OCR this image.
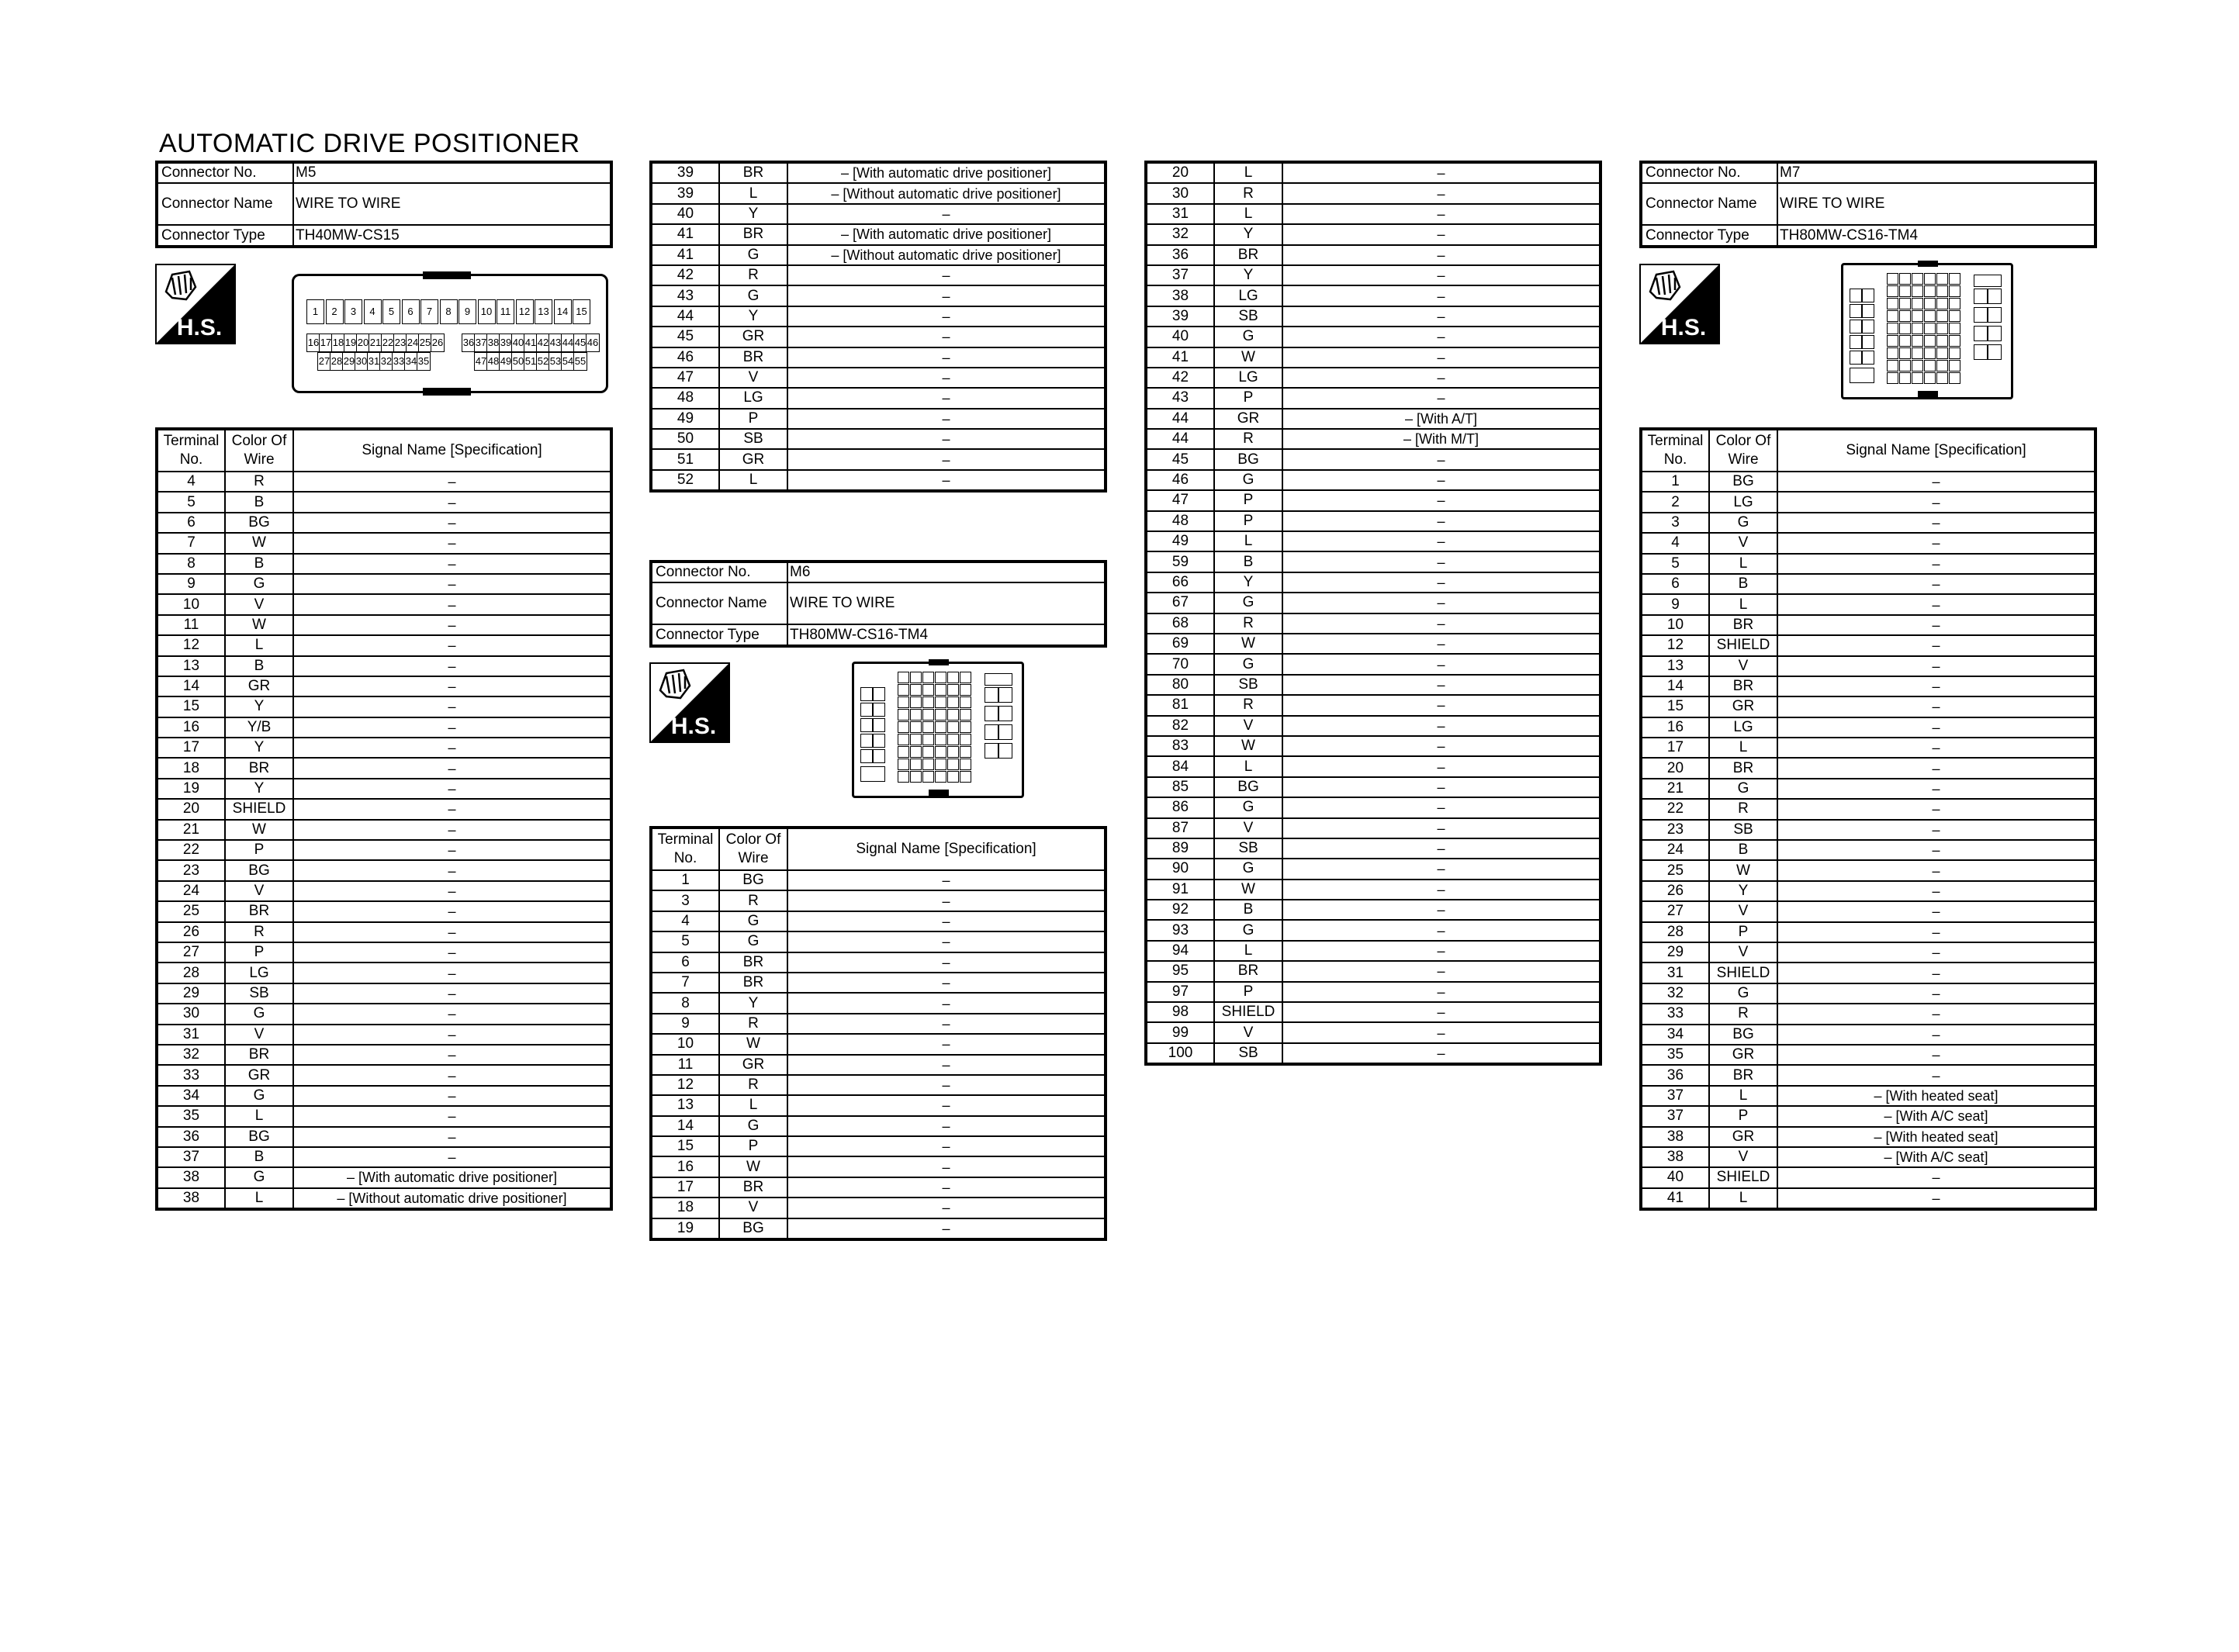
AUTOMATIC DRIVE POSITIONER
Connector No.	M5
Connector Name	WIRE TO WIRE
Connector Type	TH40MW-CS15
H.S.
1	2	3	4	5	6	7	8	9	10 11 12 13 14 15
16 17 18 19 20 21 22 23 24 25 26 36 37 38 39 40 41 42 43 44 45 46
27 28 29 30 31 32 33 34 35	47 48 49 50 51 52 53 54 55
Terminal
No.	Color Of
Wire	Signal Name [Specification]
4	R	–
5	B	–
6	BG	–
7	W	–
8	B	–
9	G	–
10	V	–
11	W	–
12	L	–
13	B	–
14	GR	–
15	Y	–
16	Y/B	–
17	Y	–
18	BR	–
19	Y	–
20	SHIELD	–
21	W	–
22	P	–
23	BG	–
24	V	–
25	BR	–
26	R	–
27	P	–
28	LG	–
29	SB	–
30	G	–
31	V	–
32	BR	–
33	GR	–
34	G	–
35	L	–
36	BG	–
37	B	–
38	G	– [With automatic drive positioner]
38	L	– [Without automatic drive positioner]
39	BR	– [With automatic drive positioner]
39	L	– [Without automatic drive positioner]
40	Y	–
41	BR	– [With automatic drive positioner]
41	G	– [Without automatic drive positioner]
42	R	–
43	G	–
44	Y	–
45	GR	–
46	BR	–
47	V	–
48	LG	–
49	P	–
50	SB	–
51	GR	–
52	L	–
Connector No.	M6
Connector Name	WIRE TO WIRE
Connector Type	TH80MW-CS16-TM4
H.S.
Terminal
No.	Color Of
Wire	Signal Name [Specification]
1	BG	–
3	R	–
4	G	–
5	G	–
6	BR	–
7	BR	–
8	Y	–
9	R	–
10	W	–
11	GR	–
12	R	–
13	L	–
14	G	–
15	P	–
16	W	–
17	BR	–
18	V	–
19	BG	–
20	L	–
30	R	–
31	L	–
32	Y	–
36	BR	–
37	Y	–
38	LG	–
39	SB	–
40	G	–
41	W	–
42	LG	–
43	P	–
44	GR	– [With A/T]
44	R	– [With M/T]
45	BG	–
46	G	–
47	P	–
48	P	–
49	L	–
59	B	–
66	Y	–
67	G	–
68	R	–
69	W	–
70	G	–
80	SB	–
81	R	–
82	V	–
83	W	–
84	L	–
85	BG	–
86	G	–
87	V	–
89	SB	–
90	G	–
91	W	–
92	B	–
93	G	–
94	L	–
95	BR	–
97	P	–
98	SHIELD	–
99	V	–
100	SB	–
Connector No.	M7
Connector Name	WIRE TO WIRE
Connector Type	TH80MW-CS16-TM4
H.S.
Terminal
No.	Color Of
Wire	Signal Name [Specification]
1	BG	–
2	LG	–
3	G	–
4	V	–
5	L	–
6	B	–
9	L	–
10	BR	–
12	SHIELD	–
13	V	–
14	BR	–
15	GR	–
16	LG	–
17	L	–
20	BR	–
21	G	–
22	R	–
23	SB	–
24	B	–
25	W	–
26	Y	–
27	V	–
28	P	–
29	V	–
31	SHIELD	–
32	G	–
33	R	–
34	BG	–
35	GR	–
36	BR	–
37	L	– [With heated seat]
37	P	– [With A/C seat]
38	GR	– [With heated seat]
38	V	– [With A/C seat]
40	SHIELD	–
41	L	–
